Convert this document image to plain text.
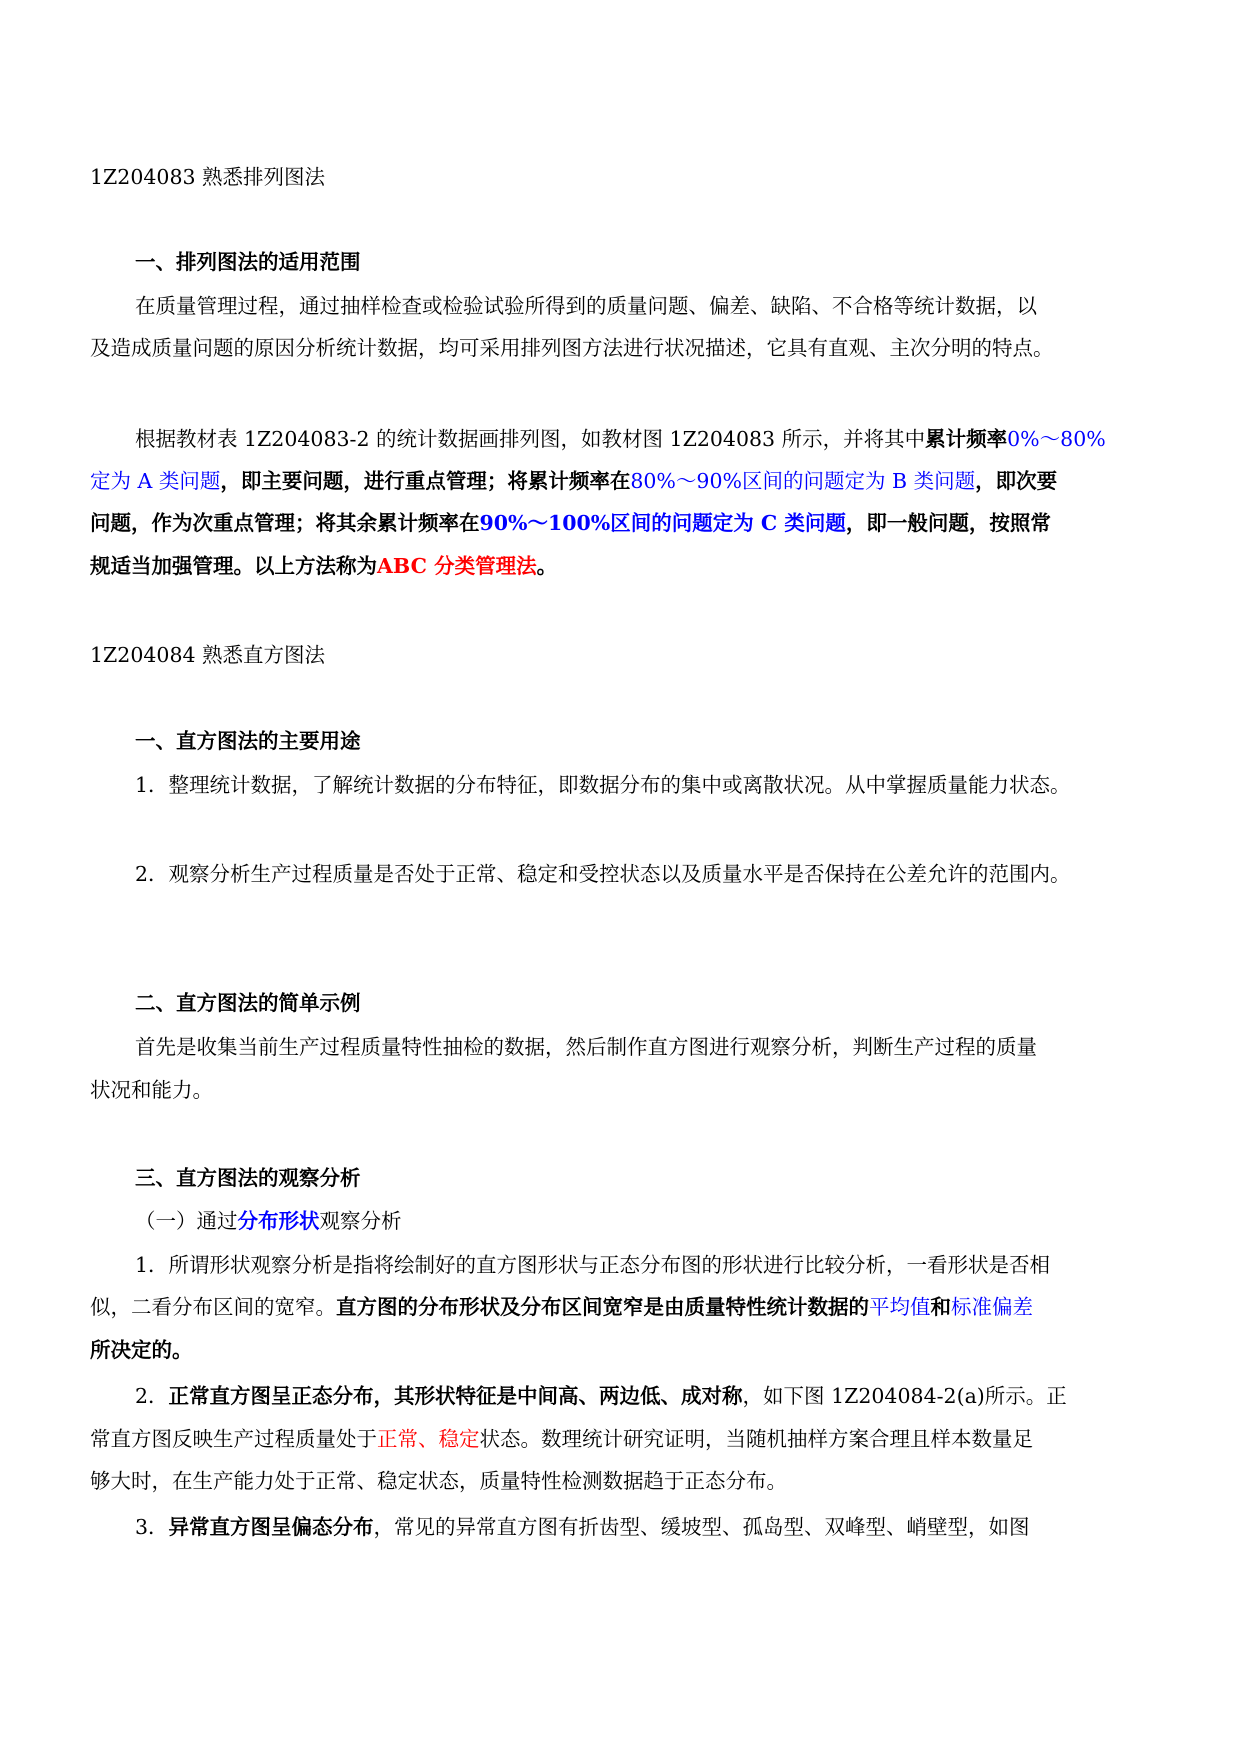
1Z204083 熟悉排列图法
一、排列图法的适用范围
在质量管理过程，通过抽样检查或检验试验所得到的质量问题、偏差、缺陷、不合格等统计数据，以
及造成质量问题的原因分析统计数据，均可采用排列图方法进行状况描述，它具有直观、主次分明的特点。
根据教材表 1Z204083-2 的统计数据画排列图，如教材图 1Z204083 所示，并将其中累计频率0%～80%
定为 A 类问题，即主要问题，进行重点管理；将累计频率在80%～90%区间的问题定为 B 类问题，即次要
问题，作为次重点管理；将其余累计频率在90%～100%区间的问题定为 C 类问题，即一般问题，按照常
规适当加强管理。以上方法称为ABC 分类管理法。
1Z204084 熟悉直方图法
一、直方图法的主要用途
1．整理统计数据，了解统计数据的分布特征，即数据分布的集中或离散状况。从中掌握质量能力状态。
2．观察分析生产过程质量是否处于正常、稳定和受控状态以及质量水平是否保持在公差允许的范围内。
二、直方图法的简单示例
首先是收集当前生产过程质量特性抽检的数据，然后制作直方图进行观察分析，判断生产过程的质量
状况和能力。
三、直方图法的观察分析
（一）通过分布形状观察分析
1．所谓形状观察分析是指将绘制好的直方图形状与正态分布图的形状进行比较分析，一看形状是否相
似，二看分布区间的宽窄。直方图的分布形状及分布区间宽窄是由质量特性统计数据的平均值和标准偏差
所决定的。
2．正常直方图呈正态分布，其形状特征是中间高、两边低、成对称，如下图 1Z204084-2(a)所示。正
常直方图反映生产过程质量处于正常、稳定状态。数理统计研究证明，当随机抽样方案合理且样本数量足
够大时，在生产能力处于正常、稳定状态，质量特性检测数据趋于正态分布。
3．异常直方图呈偏态分布，常见的异常直方图有折齿型、缓坡型、孤岛型、双峰型、峭壁型，如图
